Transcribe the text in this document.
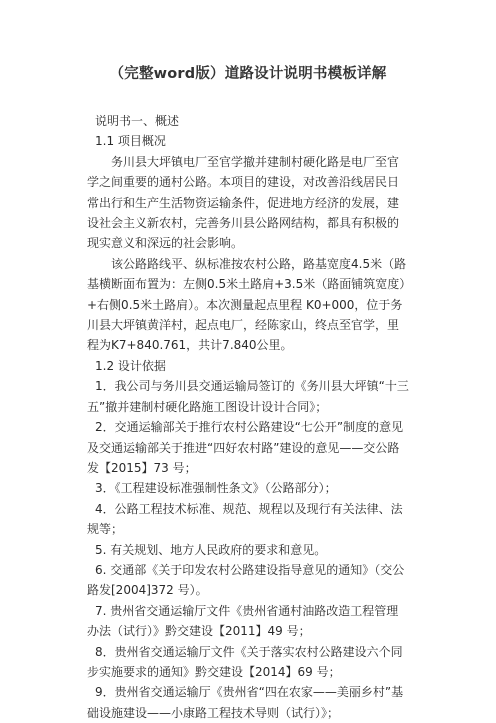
（完整word版）道路设计说明书模板详解

说明书一、概述

1.1 项目概况

务川县大坪镇电厂至官学撤并建制村硬化路是电厂至官学之间重要的通村公路。本项目的建设，对改善沿线居民日常出行和生产生活物资运输条件，促进地方经济的发展，建设社会主义新农村，完善务川县公路网结构，都具有积极的现实意义和深远的社会影响。

该公路路线平、纵标准按农村公路，路基宽度4.5米（路基横断面布置为：左侧0.5米土路肩+3.5米（路面铺筑宽度）+右侧0.5米土路肩）。本次测量起点里程 K0+000，位于务川县大坪镇黄洋村，起点电厂，经陈家山，终点至官学，里程为K7+840.761，共计7.840公里。

1.2 设计依据

1．我公司与务川县交通运输局签订的《务川县大坪镇“十三五”撤并建制村硬化路施工图设计设计合同》；

2．交通运输部关于推行农村公路建设“七公开”制度的意见及交通运输部关于推进“四好农村路”建设的意见——交公路发【2015】73 号；

3．《工程建设标准强制性条文》（公路部分）；

4．公路工程技术标准、规范、规程以及现行有关法律、法规等；

5. 有关规划、地方人民政府的要求和意见。

6. 交通部《关于印发农村公路建设指导意见的通知》（交公路发[2004]372 号）。

7. 贵州省交通运输厅文件《贵州省通村油路改造工程管理办法（试行）》黔交建设【2011】49 号；

8．贵州省交通运输厅文件《关于落实农村公路建设六个同步实施要求的通知》黔交建设【2014】69 号；

9．贵州省交通运输厅《贵州省“四在农家——美丽乡村”基础设施建设——小康路工程技术导则（试行）》；
